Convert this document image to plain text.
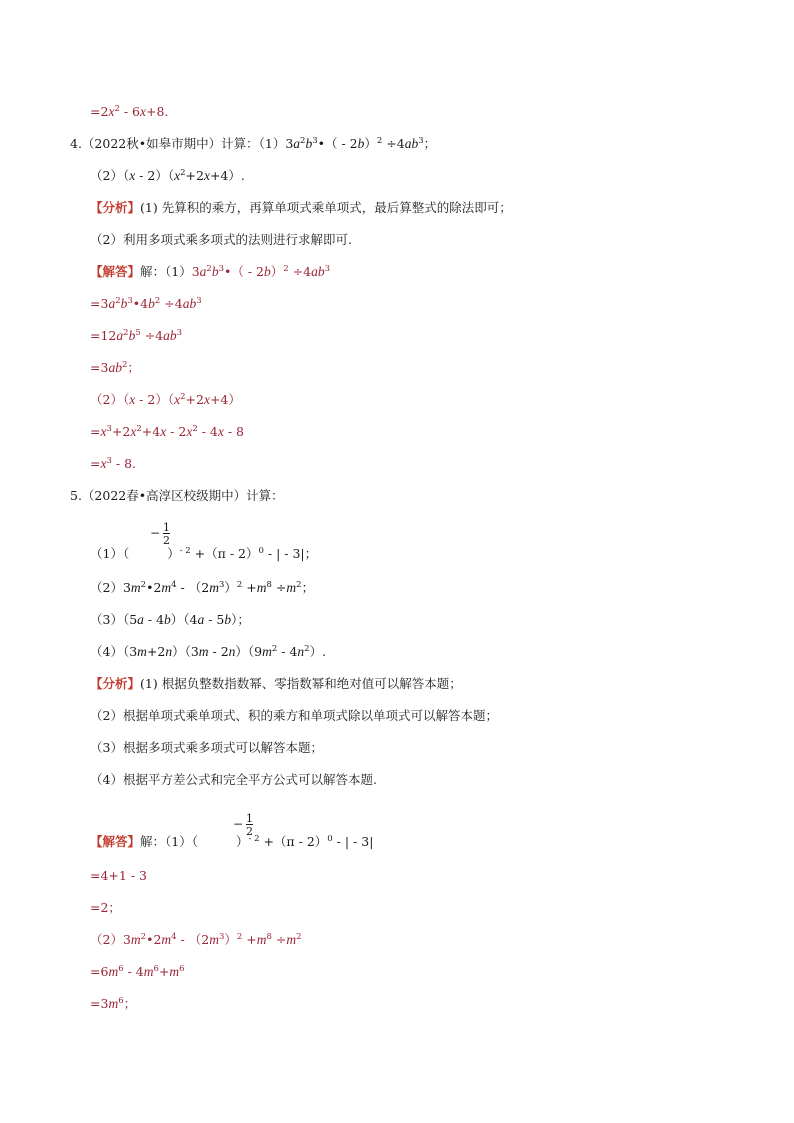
$=2x^2 - 6x+8$.
4.（2022秋•如皋市期中）计算：$(1)3a^2b^3•( - 2b)^2 \div 4ab^3$；
$(2)(x - 2)(x^2+2x+4)$.
【分析】(1) 先算积的乘方，再算单项式乘单项式，最后算整式的除法即可；
（2）利用多项式乘多项式的法则进行求解即可.
【解答】解：$(1)3a^2b^3•( - 2b)^2 \div 4ab^3$
$=3a^2b^3•4b^2 \div 4ab^3$
$=12a^2b^5 \div 4ab^3$
$=3ab^2$；
$(2)(x - 2)(x^2+2x+4)$
$=x^3+2x^2+4x - 2x^2 - 4x - 8$
$=x^3 - 8$.
5.（2022春•高淳区校级期中）计算：
− $\frac{1}{2}$
（1）（	）$^{- 2}$ +（π - 2）$^0$ - | - 3|；
$(2)3m^2•2m^4 - (2m^3)^2 +m^8 \div m^2$；
（3）（5a - 4b）（4a - 5b）；
$(4)(3m+2n)(3m - 2n)(9m^2 - 4n^2)$.
【分析】(1) 根据负整数指数幂、零指数幂和绝对值可以解答本题；
（2）根据单项式乘单项式、积的乘方和单项式除以单项式可以解答本题；
（3）根据多项式乘多项式可以解答本题；
（4）根据平方差公式和完全平方公式可以解答本题.
− $\frac{1}{2}$
【解答】解：（1）（	）$^{- 2}$ +（π - 2）$^0$ - | - 3|
=4+1 - 3
=2；
$(2)3m^2•2m^4 - (2m^3)^2 +m^8 \div m^2$
$=6m^6 - 4m^6+m^6$
$=3m^6$；
